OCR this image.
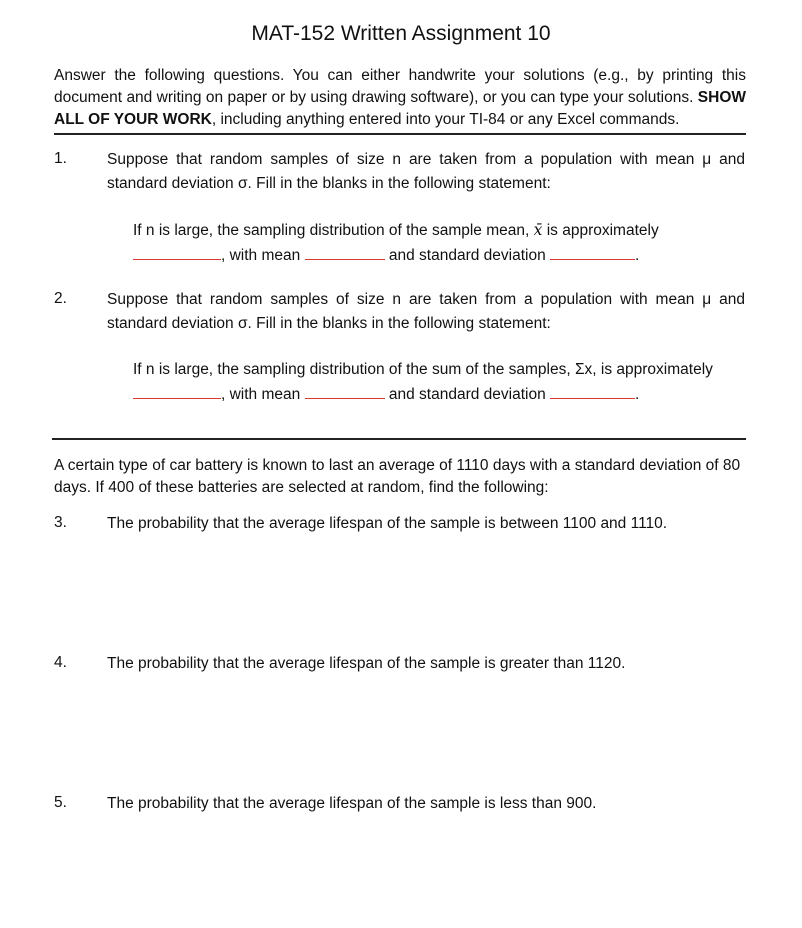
MAT-152 Written Assignment 10
Answer the following questions. You can either handwrite your solutions (e.g., by printing this document and writing on paper or by using drawing software), or you can type your solutions. SHOW ALL OF YOUR WORK, including anything entered into your TI-84 or any Excel commands.
1.	Suppose that random samples of size n are taken from a population with mean μ and standard deviation σ. Fill in the blanks in the following statement:
If n is large, the sampling distribution of the sample mean, x̄ is approximately
, with mean	and standard deviation	.
2.	Suppose that random samples of size n are taken from a population with mean μ and standard deviation σ. Fill in the blanks in the following statement:
If n is large, the sampling distribution of the sum of the samples, Σx, is approximately
, with mean	and standard deviation	.
A certain type of car battery is known to last an average of 1110 days with a standard deviation of 80 days. If 400 of these batteries are selected at random, find the following:
3.	The probability that the average lifespan of the sample is between 1100 and 1110.
4.	The probability that the average lifespan of the sample is greater than 1120.
5.	The probability that the average lifespan of the sample is less than 900.
